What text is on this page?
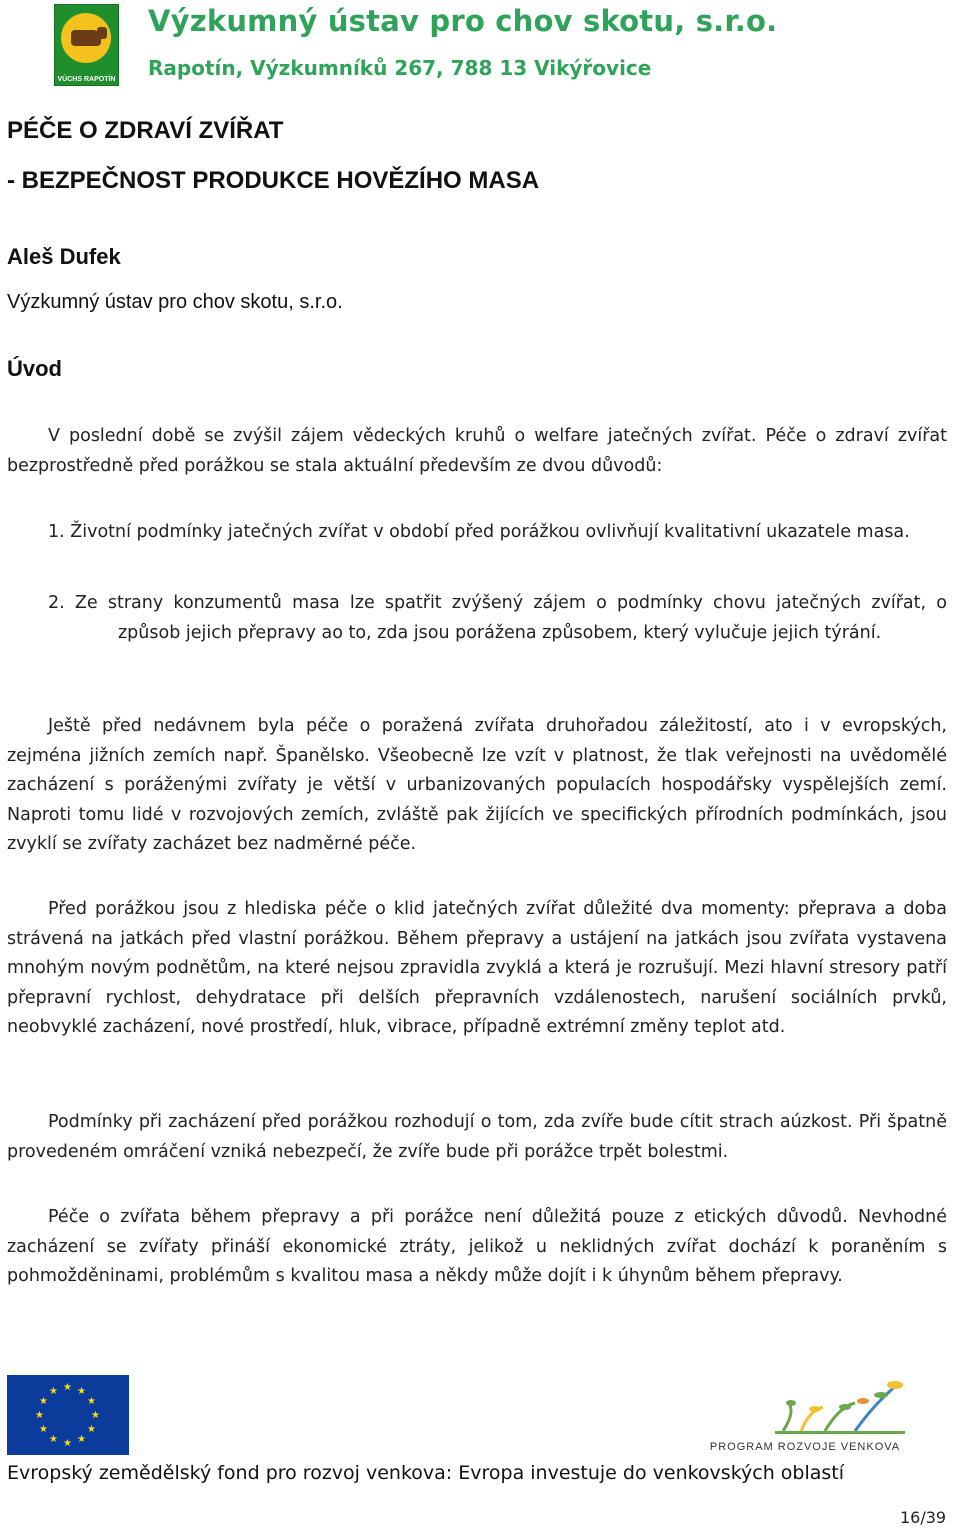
VÚCHS RAPOTÍN
Výzkumný ústav pro chov skotu, s.r.o.
Rapotín, Výzkumníků 267, 788 13 Vikýřovice
PÉČE O ZDRAVÍ ZVÍŘAT
- BEZPEČNOST PRODUKCE HOVĚZÍHO MASA
Aleš Dufek
Výzkumný ústav pro chov skotu, s.r.o.
Úvod

V poslední době se zvýšil zájem vědeckých kruhů o welfare jatečných zvířat. Péče o zdraví zvířat bezprostředně před porážkou se stala aktuální především ze dvou důvodů:

1. Životní podmínky jatečných zvířat v období před porážkou ovlivňují kvalitativní ukazatele masa.

2. Ze strany konzumentů masa lze spatřit zvýšený zájem o podmínky chovu jatečných zvířat, o způsob jejich přepravy ao to, zda jsou porážena způsobem, který vylučuje jejich týrání.

Ještě před nedávnem byla péče o poražená zvířata druhořadou záležitostí, ato i v evropských, zejména jižních zemích např. Španělsko. Všeobecně lze vzít v platnost, že tlak veřejnosti na uvědomělé zacházení s poráženými zvířaty je větší v urbanizovaných populacích hospodářsky vyspělejších zemí. Naproti tomu lidé v rozvojových zemích, zvláště pak žijících ve specifických přírodních podmínkách, jsou zvyklí se zvířaty zacházet bez nadměrné péče.

Před porážkou jsou z hlediska péče o klid jatečných zvířat důležité dva momenty: přeprava a doba strávená na jatkách před vlastní porážkou. Během přepravy a ustájení na jatkách jsou zvířata vystavena mnohým novým podnětům, na které nejsou zpravidla zvyklá a která je rozrušují. Mezi hlavní stresory patří přepravní rychlost, dehydratace při delších přepravních vzdálenostech, narušení sociálních prvků, neobvyklé zacházení, nové prostředí, hluk, vibrace, případně extrémní změny teplot atd.

Podmínky při zacházení před porážkou rozhodují o tom, zda zvíře bude cítit strach aúzkost. Při špatně provedeném omráčení vzniká nebezpečí, že zvíře bude při porážce trpět bolestmi.

Péče o zvířata během přepravy a při porážce není důležitá pouze z etických důvodů. Nevhodné zacházení se zvířaty přináší ekonomické ztráty, jelikož u neklidných zvířat dochází k poraněním s pohmožděninami, problémům s kvalitou masa a někdy může dojít i k úhynům během přepravy.

★ ★
★
★
★
★
★
★
★
★
★
★
PROGRAM ROZVOJE VENKOVA
Evropský zemědělský fond pro rozvoj venkova: Evropa investuje do venkovských oblastí
16/39
